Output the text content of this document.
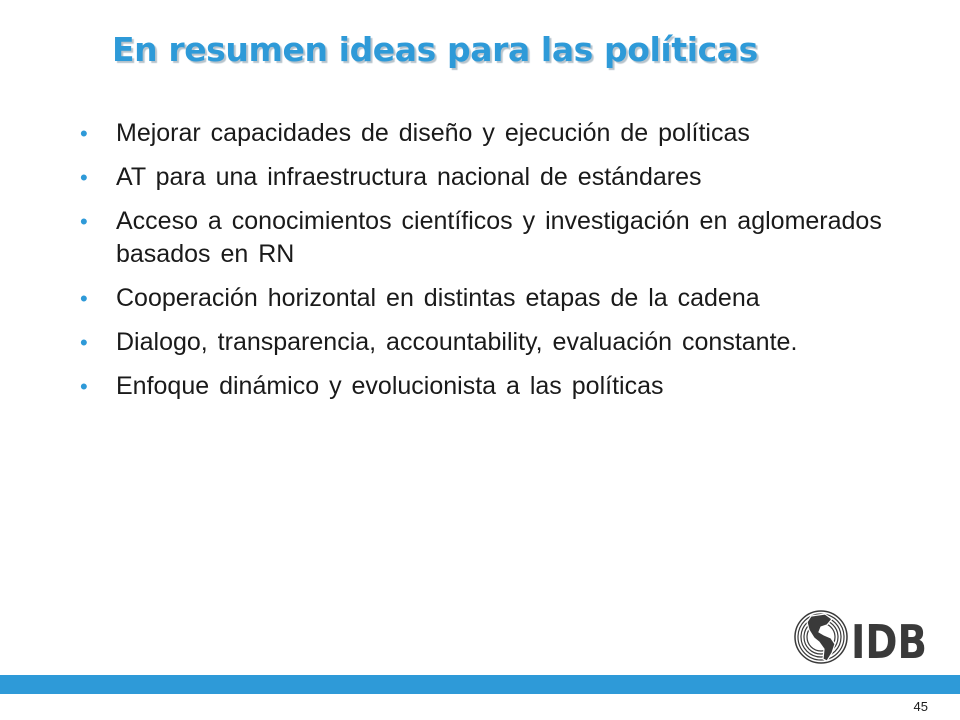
En resumen ideas para las políticas
• Mejorar capacidades de diseño y ejecución de políticas
• AT para una infraestructura nacional de estándares
• Acceso a conocimientos científicos y investigación en aglomerados basados en RN
• Cooperación horizontal en distintas etapas de la cadena
• Dialogo, transparencia, accountability, evaluación constante.
• Enfoque dinámico y evolucionista a las políticas
IDB
45
